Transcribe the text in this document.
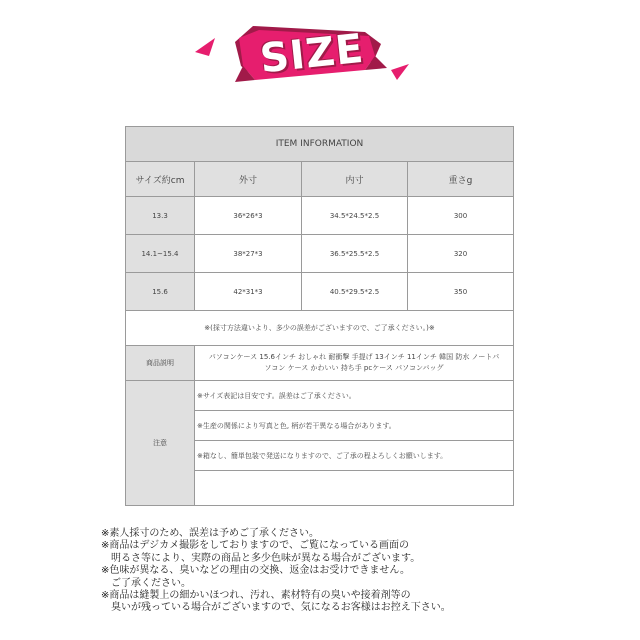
SIZE
ITEM INFORMATION			
サイズ約cm	外寸	内寸	重さg
13.3	36*26*3	34.5*24.5*2.5	300
14.1~15.4	38*27*3	36.5*25.5*2.5	320
15.6	42*31*3	40.5*29.5*2.5	350
※(採寸方法違いより、多少の誤差がございますので、ご了承ください。)※			
商品説明	パソコンケース 15.6インチ おしゃれ 耐衝撃 手提げ 13インチ 11インチ 韓国 防水 ノートパ
ソコン ケース かわいい 持ち手 pcケース パソコンバッグ		

注意	※サイズ表記は目安です。誤差はご了承ください。		
	※生産の関係により写真と色, 柄が若干異なる場合があります。		
	※箱なし、簡単包装で発送になりますので、ご了承の程よろしくお願いします。		

※素人採寸のため、誤差は予めご了承ください。
※商品はデジカメ撮影をしておりますので、ご覧になっている画面の
　明るさ等により、実際の商品と多少色味が異なる場合がございます。
※色味が異なる、臭いなどの理由の交換、返金はお受けできません。
　ご了承ください。
※商品は縫製上の細かいほつれ、汚れ、素材特有の臭いや接着剤等の
　臭いが残っている場合がございますので、気になるお客様はお控え下さい。
